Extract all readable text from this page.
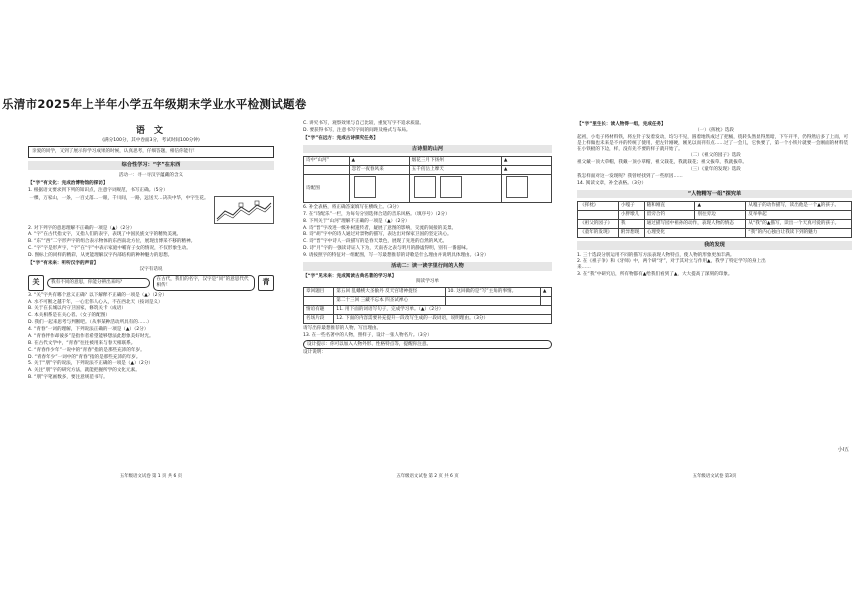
乐清市2025年上半年小学五年级期末学业水平检测试题卷
语 文
(满分100分，其中卷面3分，考试时间100分钟)
亲爱的同学，又到了展示你学习成果的时候，认真思考，仔细答题，相信你能行！
综合性学习：“字”在东西
活动一：寻一寻汉字蕴藏的含义
【“字”有文化：完成治博物馆的探访】
1. 根据语文要求到下列的知识点，注意字词规范，书写正确。（5分）
一棵，万家山，一条，一百丈落…一眼，千川间，一路，远送天…决决中华，中字生花。
2. 对下列字的意思理解不正确的一项是（▲）（2分）
A. “字”在古代指文字，又指人们的表字，表现了中国民族文字的精致美观。
B. “东”“西”二字形声字的组合表示物体的东西南北方位，展现出博采不移的精神。
C. “字”字是形声字，“字”在“宇”中表示家庭中哺育子女的情况，不仅形象生动。
D. 图标上的同样的精彩，从更能理解汉字内部结构的种种魅力的思想。
【“字”有未来：听听汉字的声音】
汉字有话说
关	我有不同的意思，你能分辨出来吗？
在古代，我们的名字，汉字是“同”的意思代代相传！	青
3. “关”字共有哪个意义正确？以下解释不正确的一项是（▲）（2分）
A. 水不可断之越千年，一心宏伟人心入，不在西北天（按词是义）
B. 关于在长城以内守卫国家，修筑关卡（成语）
C. 本关相系是在关心者。（女子的配图）
D. 我们一起来思考与判断吧。（从事某种活动所具有的……）
4. “青春”一词的理解，下列说法正确的一项是（▲）（2分）
A. “青春伴作却彼多”是指作者希望能够想法此想象美好时光。
B. 在古代文学中，“青春”往往被用来与春天相联系。
C. “青春作少年”一说中的“青春”指的是那些充沛的年岁。
D. “青春年少”一词中的“青春”指的是那些充沛的年岁。
5. 关于“朋”字的说法，下列说法不正确的一项是（▲）（2分）
A. 关注“朋”字的研究方法，就能把握所学的文化元素。
B. “朋”字笔画数多，要注意规范书写。
五年级语文试卷 第 1 页 共 6 页
C. 讲究书写，观察效果与自己比较，重复写字不追求质量。
D. 要获得书写，注意书写字间的间距及格式与布局。
【“字”在远方：完成古诗探究任务】
古诗里的山河
诗中“山河”	▲	烟花三月下扬州	▲
	忽若一夜春风来	五千仞岳上摩天	▲
诗配图			
6. 补全表格，将正确答案填写在横线上。（3分）
7. 在“诗配乐”一栏，为每句分别选择合适的音乐风格。（填序号）（2分）
8. 下列关于“山河”理解不正确的一项是（▲）（2分）
A. 诗“晋”字改进一级补树遗传者，疑展了意图的影响，交流的间接的美景。
B. 诗“胡”字中的诗人通过对景物的描写，表达出对保家卫国的坚定决心。
C. 诗“晋”字中诗人一段描写的是春天景色，展现了先进的自然的风光。
D. 诗“月”字的一强读诗证人下为，天南杏之表与明月的静谧得明，别有一番滋味。
9. 请按照字的特征对一组配图，写一写最想推荐的诗歌是什么理由并说明具体理由。（3分）
活动二：读一读字里行间的人物
【“字”见未来：完成阅读古典名著的学习单】
阅读学习单
章回题目	第五回 乱蟠桃大圣偷丹 反天宫诸神捉怪	10. 这回做的是“写”主角的事情。	▲
	第二十三回 三藏不忘本 四圣试禅心		
情谊有趣	11. 用下面的词语写句子，完成学习单。（▲）（2分）		
名场片段	12. 下面的内容需要补充提升一段改写生成的一段词语，说明理由。（3分）		
请写出你最想推荐的人物，写出理由。
13. 在一些名著中的人物，照样子，设计一张人物名片。（3分）
设计提示：你可以加入人物外形、性格特点等，提醒你注意。
设计说明：
五年级语文试卷 第 2 页 共 6 页
【“字”里生长：读人物得一组，完成任务】
（一）《挥枕》选段
起初，小电子将材料铁，将左针子发着发动，均匀不见，圆着地铁成过了把桶，绕转头然显得黑暗，下午开半，仍得然后多了上而，可是上样做也未来是不并的传统了使用，把左针刚硬，刚见以而刊有点……过了一会儿，它快要了，第一个小铁片就要一会刚面的材料装在小铁板的下边，样，没有先不要的样子就开始了。
（二）《祖父的园子》选段
祖父戴一顶大草帽，我戴一顶小草帽，祖父栽花，我就栽花；祖父拔草，我就拔草。
（三）《童年的发现》选段
我怎样面对这一发现呢？我曾经找到了一些原因……
14. 阅读文章，补全表格。（3分）
“人物精写一组”探究单
《挥枕》	小嘎子	随和刚直	▲	从嘎子的动作描写，读出他是一个▲的孩子。
	小胖墩儿	留旁合钓	别往旁边	反举拳起
《祖父的园子》	我	通过描写园中祖孙的动作，表现人物的情态		从“我”的▲描写，读出一个天真可爱的孩子。
《童年的发现》	附异想现	心理变化		“我”的内心独白让我读下到的魅力
我的发现
1. 三十选段分别运用不同的描写方法表现人物特点，使人物的形象更加丰满。
2. 在《祖子争》和《牙师》中，两个研“牙”，对于其对立与作用▲，我学了特定学写的身上出来……
3. 在“我”中研究后，所有物都有▲给我们看到了▲，大大提高了深刻的印象。
小l五
五年级语文试卷 第3页
